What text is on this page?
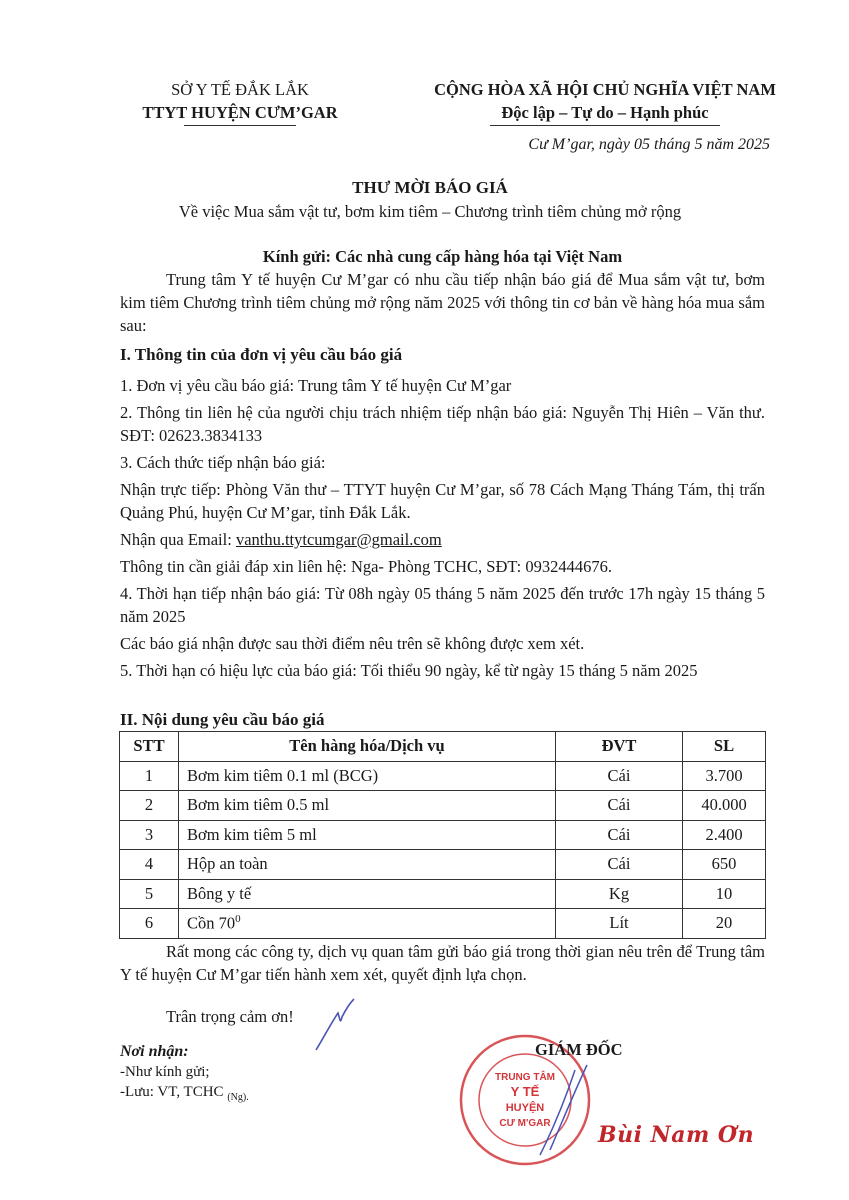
SỞ Y TẾ ĐẮK LẮK
TTYT HUYỆN CƯM’GAR
CỘNG HÒA XÃ HỘI CHỦ NGHĨA VIỆT NAM
Độc lập – Tự do – Hạnh phúc
Cư M’gar, ngày 05 tháng 5 năm 2025
THƯ MỜI BÁO GIÁ
Về việc Mua sắm vật tư, bơm kim tiêm – Chương trình tiêm chủng mở rộng
Kính gửi: Các nhà cung cấp hàng hóa tại Việt Nam
Trung tâm Y tế huyện Cư M’gar có nhu cầu tiếp nhận báo giá để Mua sắm vật tư, bơm kim tiêm Chương trình tiêm chủng mở rộng năm 2025 với thông tin cơ bản về hàng hóa mua sắm sau:
I. Thông tin của đơn vị yêu cầu báo giá
1. Đơn vị yêu cầu báo giá: Trung tâm Y tế huyện Cư M’gar
2. Thông tin liên hệ của người chịu trách nhiệm tiếp nhận báo giá: Nguyễn Thị Hiên – Văn thư. SĐT: 02623.3834133
3. Cách thức tiếp nhận báo giá:
Nhận trực tiếp: Phòng Văn thư – TTYT huyện Cư M’gar, số 78 Cách Mạng Tháng Tám, thị trấn Quảng Phú, huyện Cư M’gar, tỉnh Đắk Lắk.
Nhận qua Email: vanthu.ttytcumgar@gmail.com
Thông tin cần giải đáp xin liên hệ: Nga- Phòng TCHC, SĐT: 0932444676.
4. Thời hạn tiếp nhận báo giá: Từ 08h ngày 05 tháng 5 năm 2025 đến trước 17h ngày 15 tháng 5 năm 2025
Các báo giá nhận được sau thời điểm nêu trên sẽ không được xem xét.
5. Thời hạn có hiệu lực của báo giá: Tối thiểu 90 ngày, kể từ ngày 15 tháng 5 năm 2025
II. Nội dung yêu cầu báo giá
STT	Tên hàng hóa/Dịch vụ	ĐVT	SL
1	Bơm kim tiêm 0.1 ml (BCG)	Cái	3.700
2	Bơm kim tiêm 0.5 ml	Cái	40.000
3	Bơm kim tiêm 5 ml	Cái	2.400
4	Hộp an toàn	Cái	650
5	Bông y tế	Kg	10
6	Cồn $70^0$	Lít	20
Rất mong các công ty, dịch vụ quan tâm gửi báo giá trong thời gian nêu trên để Trung tâm Y tế huyện Cư M’gar tiến hành xem xét, quyết định lựa chọn.
Trân trọng cảm ơn!
Nơi nhận:
-Như kính gửi;
-Lưu: VT, TCHC $_{(Ng).}$
TRUNG TÂM
Y TẾ
HUYỆN
CƯ M'GAR
GIÁM ĐỐC
Bùi Nam Ơn
